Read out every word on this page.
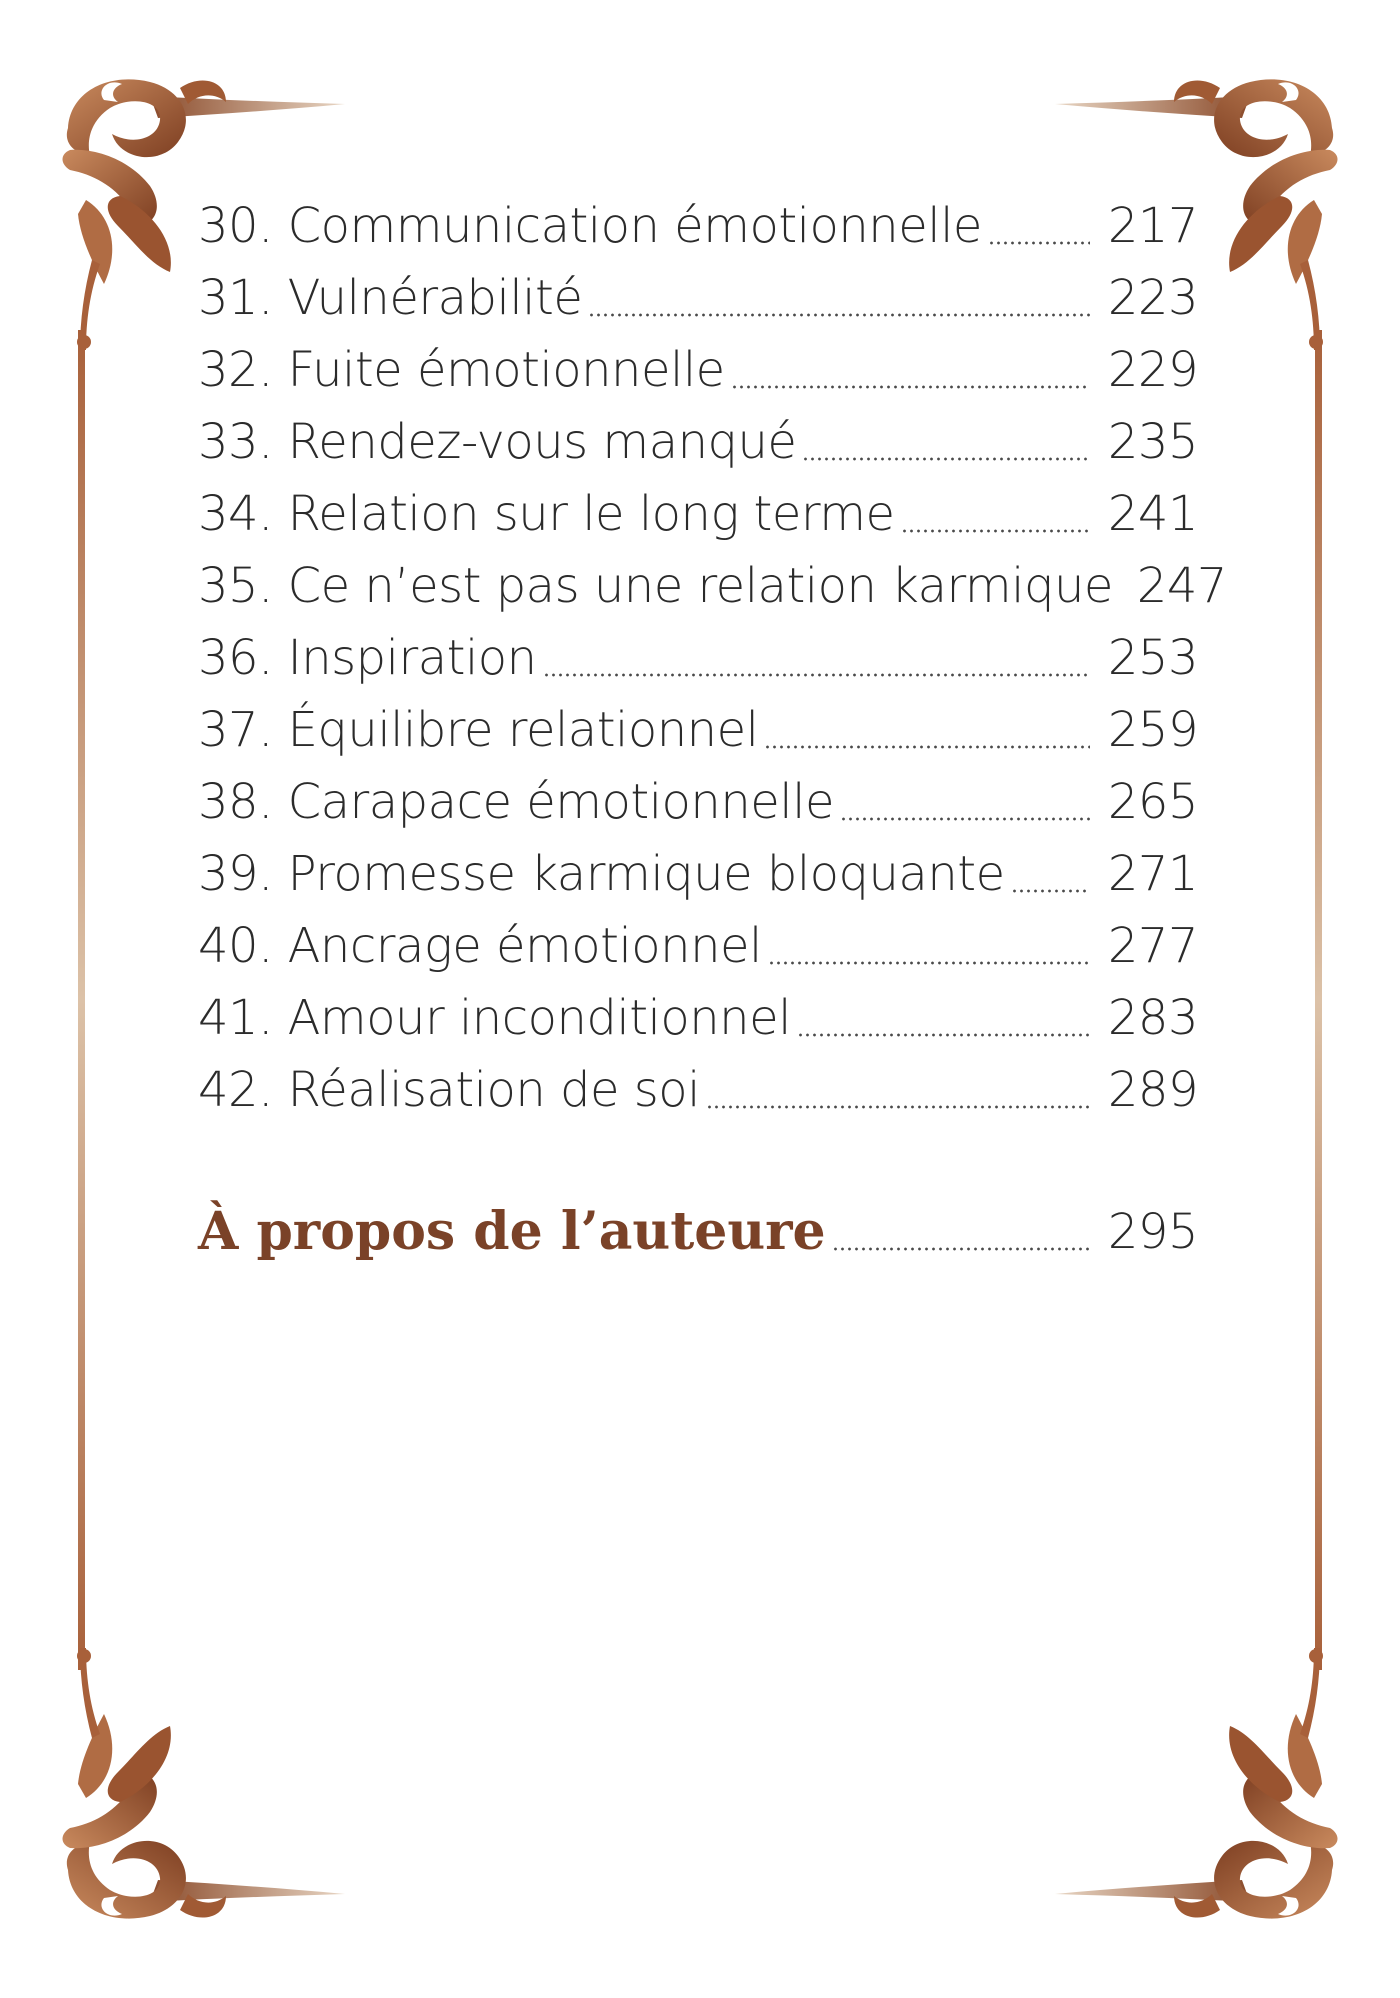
30. Communication émotionnelle	217
31. Vulnérabilité	223
32. Fuite émotionnelle	229
33. Rendez-vous manqué	235
34. Relation sur le long terme	241
35. Ce n’est pas une relation karmique 247
36. Inspiration	253
37. Équilibre relationnel	259
38. Carapace émotionnelle	265
39. Promesse karmique bloquante 271
40. Ancrage émotionnel	277
41. Amour inconditionnel	283
42. Réalisation de soi	289
À propos de l’auteure	295
